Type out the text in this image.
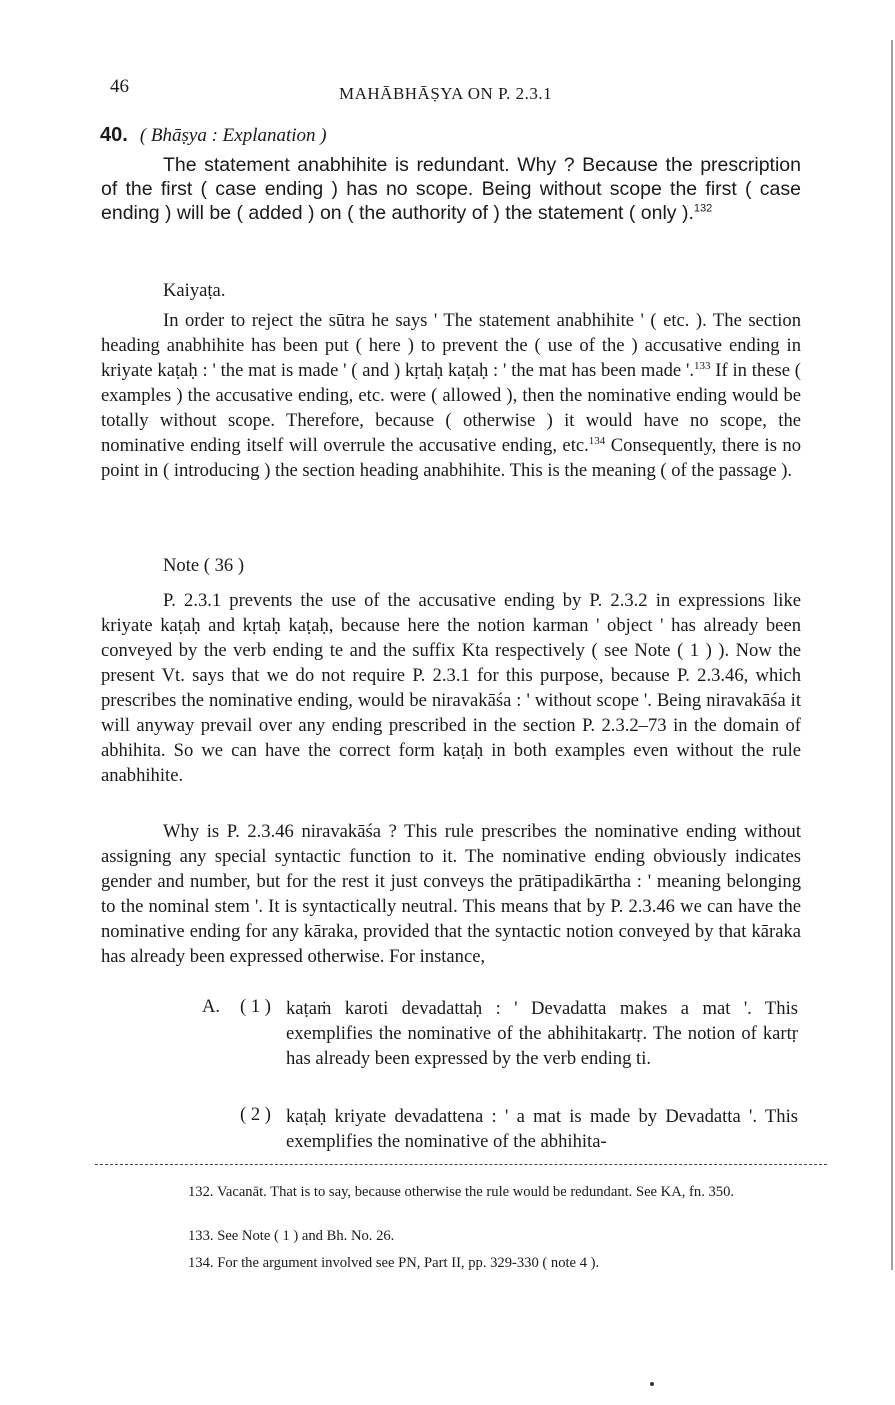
46	MAHĀBHĀṢYA ON P. 2.3.1
40. ( Bhāṣya : Explanation )
The statement anabhihite is redundant. Why ? Because the prescription of the first ( case ending ) has no scope. Being without scope the first ( case ending ) will be ( added ) on ( the authority of ) the statement ( only ).$^{132}$
Kaiyaṭa.
In order to reject the sūtra he says ' The statement anabhihite ' ( etc. ). The section heading anabhihite has been put ( here ) to prevent the ( use of the ) accusative ending in kriyate kaṭaḥ : ' the mat is made ' ( and ) kṛtaḥ kaṭaḥ : ' the mat has been made '.$^{133}$ If in these ( examples ) the accusative ending, etc. were ( allowed ), then the nominative ending would be totally without scope. Therefore, because ( otherwise ) it would have no scope, the nominative ending itself will overrule the accusative ending, etc.$^{134}$ Consequently, there is no point in ( introducing ) the section heading anabhihite. This is the meaning ( of the passage ).
Note ( 36 )
P. 2.3.1 prevents the use of the accusative ending by P. 2.3.2 in expressions like kriyate kaṭaḥ and kṛtaḥ kaṭaḥ, because here the notion karman ' object ' has already been conveyed by the verb ending te and the suffix Kta respectively ( see Note ( 1 ) ). Now the present Vt. says that we do not require P. 2.3.1 for this purpose, because P. 2.3.46, which prescribes the nominative ending, would be niravakāśa : ' without scope '. Being niravakāśa it will anyway prevail over any ending prescribed in the section P. 2.3.2–73 in the domain of abhihita. So we can have the correct form kaṭaḥ in both examples even without the rule anabhihite.
Why is P. 2.3.46 niravakāśa ? This rule prescribes the nominative ending without assigning any special syntactic function to it. The nominative ending obviously indicates gender and number, but for the rest it just conveys the prātipadikārtha : ' meaning belonging to the nominal stem '. It is syntactically neutral. This means that by P. 2.3.46 we can have the nominative ending for any kāraka, provided that the syntactic notion conveyed by that kāraka has already been expressed otherwise. For instance,
A. ( 1 ) kaṭaṁ karoti devadattaḥ : ' Devadatta makes a mat '. This exemplifies the nominative of the abhihitakartṛ. The notion of kartṛ has already been expressed by the verb ending ti.
( 2 ) kaṭaḥ kriyate devadattena : ' a mat is made by Devadatta '. This exemplifies the nominative of the abhihita-
132. Vacanāt. That is to say, because otherwise the rule would be redundant. See KA, fn. 350.
133. See Note ( 1 ) and Bh. No. 26.
134. For the argument involved see PN, Part II, pp. 329-330 ( note 4 ).
